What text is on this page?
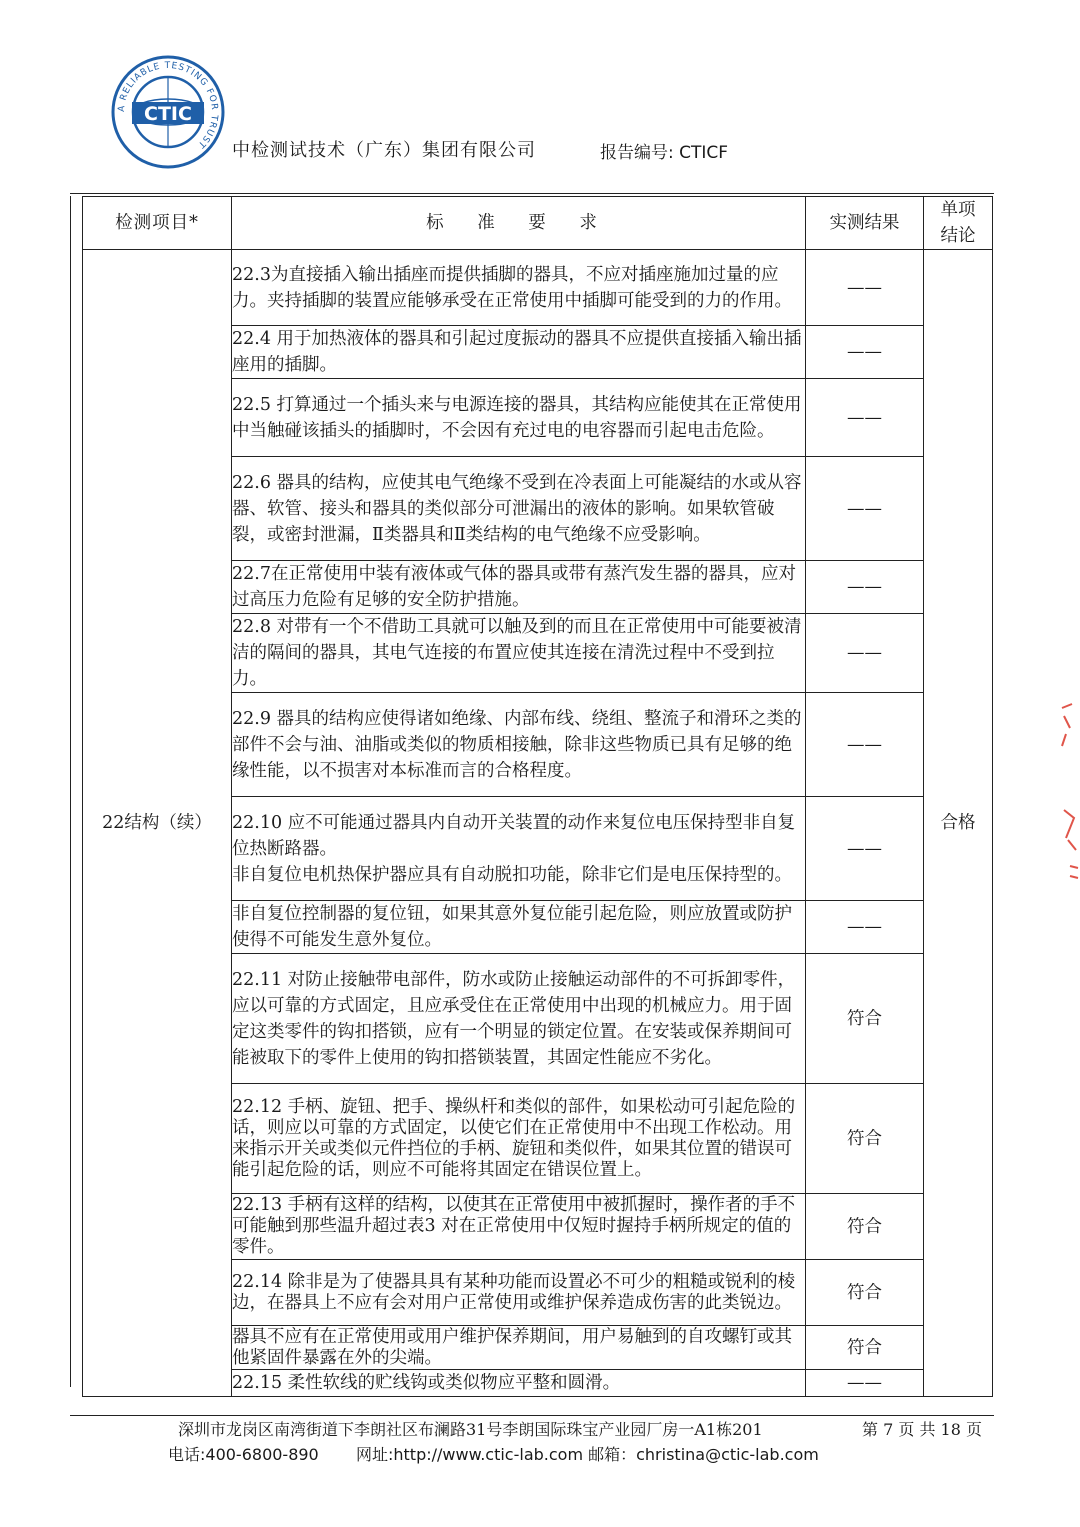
A RELIABLE TESTING FOR TRUST
CTIC
中检测试技术（广东）集团有限公司	报告编号: CTICF
检测项目*	标 准 要 求	实测结果	单项
结论
22结构（续）	22.3为直接插入输出插座而提供插脚的器具，不应对插座施加过量的应力。夹持插脚的装置应能够承受在正常使用中插脚可能受到的力的作用。	——	合格
	22.4 用于加热液体的器具和引起过度振动的器具不应提供直接插入输出插座用的插脚。	——	
	22.5 打算通过一个插头来与电源连接的器具，其结构应能使其在正常使用中当触碰该插头的插脚时，不会因有充过电的电容器而引起电击危险。	——	
	22.6 器具的结构，应使其电气绝缘不受到在冷表面上可能凝结的水或从容器、软管、接头和器具的类似部分可泄漏出的液体的影响。如果软管破裂，或密封泄漏，Ⅱ类器具和Ⅱ类结构的电气绝缘不应受影响。	——	
	22.7在正常使用中装有液体或气体的器具或带有蒸汽发生器的器具，应对过高压力危险有足够的安全防护措施。	——	
	22.8 对带有一个不借助工具就可以触及到的而且在正常使用中可能要被清洁的隔间的器具，其电气连接的布置应使其连接在清洗过程中不受到拉力。	——	
	22.9 器具的结构应使得诸如绝缘、内部布线、绕组、整流子和滑环之类的部件不会与油、油脂或类似的物质相接触，除非这些物质已具有足够的绝缘性能，以不损害对本标准而言的合格程度。	——	
	22.10 应不可能通过器具内自动开关装置的动作来复位电压保持型非自复位热断路器。
非自复位电机热保护器应具有自动脱扣功能，除非它们是电压保持型的。	——	
	非自复位控制器的复位钮，如果其意外复位能引起危险，则应放置或防护使得不可能发生意外复位。	——	
	22.11 对防止接触带电部件，防水或防止接触运动部件的不可拆卸零件，应以可靠的方式固定，且应承受住在正常使用中出现的机械应力。用于固定这类零件的钩扣搭锁，应有一个明显的锁定位置。在安装或保养期间可能被取下的零件上使用的钩扣搭锁装置，其固定性能应不劣化。	符合	

	22.12 手柄、旋钮、把手、操纵杆和类似的部件，如果松动可引起危险的话，则应以可靠的方式固定，以使它们在正常使用中不出现工作松动。用来指示开关或类似元件挡位的手柄、旋钮和类似件，如果其位置的错误可能引起危险的话，则应不可能将其固定在错误位置上。	符合	

	22.13 手柄有这样的结构，以使其在正常使用中被抓握时，操作者的手不可能触到那些温升超过表3 对在正常使用中仅短时握持手柄所规定的值的零件。	符合	

	22.14 除非是为了使器具具有某种功能而设置必不可少的粗糙或锐利的棱边，在器具上不应有会对用户正常使用或维护保养造成伤害的此类锐边。	符合	

	器具不应有在正常使用或用户维护保养期间，用户易触到的自攻螺钉或其他紧固件暴露在外的尖端。	符合	

	22.15 柔性软线的贮线钩或类似物应平整和圆滑。	——	
深圳市龙岗区南湾街道下李朗社区布澜路31号李朗国际珠宝产业园厂房一A1栋201	第 7 页 共 18 页
电话:400-6800-890 网址:http://www.ctic-lab.com 邮箱：christina@ctic-lab.com
